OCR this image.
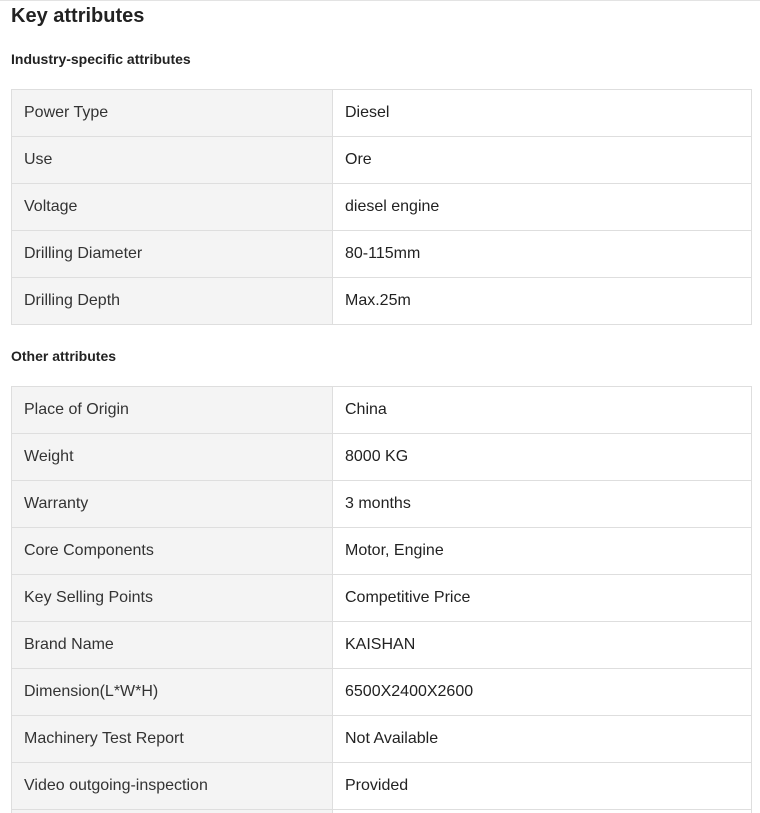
Key attributes
Industry-specific attributes
Power Type	Diesel
Use	Ore
Voltage	diesel engine
Drilling Diameter	80-115mm
Drilling Depth	Max.25m
Other attributes
Place of Origin	China
Weight	8000 KG
Warranty	3 months
Core Components	Motor, Engine
Key Selling Points	Competitive Price
Brand Name	KAISHAN
Dimension(L*W*H)	6500X2400X2600
Machinery Test Report	Not Available
Video outgoing-inspection	Provided
